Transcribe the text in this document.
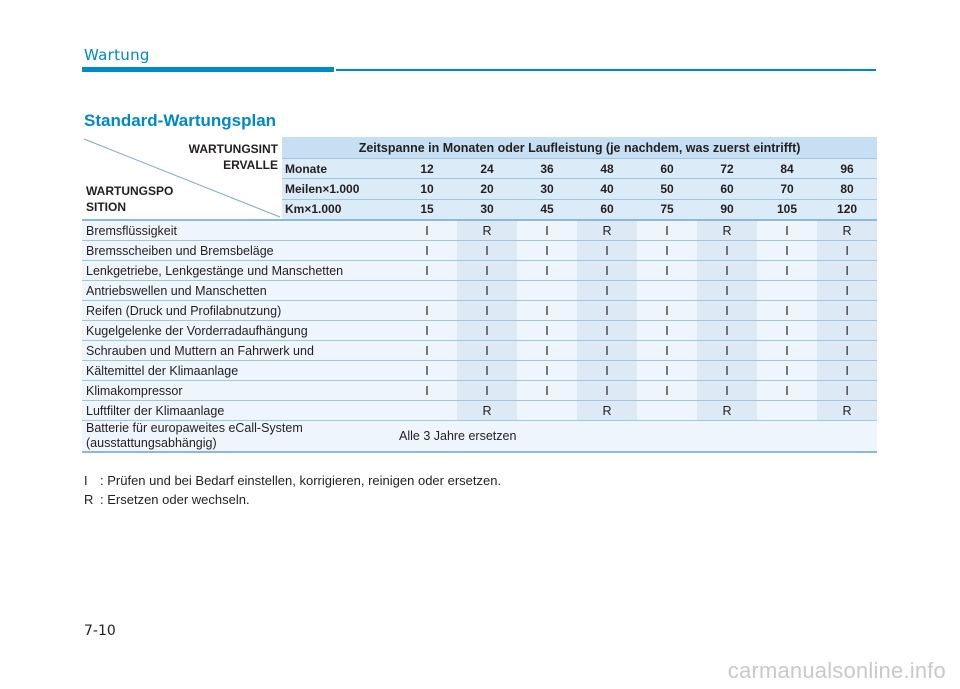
Wartung
Standard-Wartungsplan
WARTUNGSINT ERVALLE
WARTUNGSPO SITION	Zeitspanne in Monaten oder Laufleistung (je nachdem, was zuerst eintrifft)								
	Monate	12	24	36	48	60	72	84	96
	Meilen×1.000	10	20	30	40	50	60	70	80
	Km×1.000	15	30	45	60	75	90	105	120
Bremsflüssigkeit		I	R	I	R	I	R	I	R
Bremsscheiben und Bremsbeläge		I	I	I	I	I	I	I	I
Lenkgetriebe, Lenkgestänge und Manschetten		I	I	I	I	I	I	I	I
Antriebswellen und Manschetten			I		I		I		I
Reifen (Druck und Profilabnutzung)		I	I	I	I	I	I	I	I
Kugelgelenke der Vorderradaufhängung		I	I	I	I	I	I	I	I
Schrauben und Muttern an Fahrwerk und		I	I	I	I	I	I	I	I
Kältemittel der Klimaanlage		I	I	I	I	I	I	I	I
Klimakompressor		I	I	I	I	I	I	I	I
Luftfilter der Klimaanlage			R		R		R		R
Batterie für europaweites eCall-System (ausstattungsabhängig)		Alle 3 Jahre ersetzen							
I : Prüfen und bei Bedarf einstellen, korrigieren, reinigen oder ersetzen.
R : Ersetzen oder wechseln.
7-10
carmanualsonline.info
